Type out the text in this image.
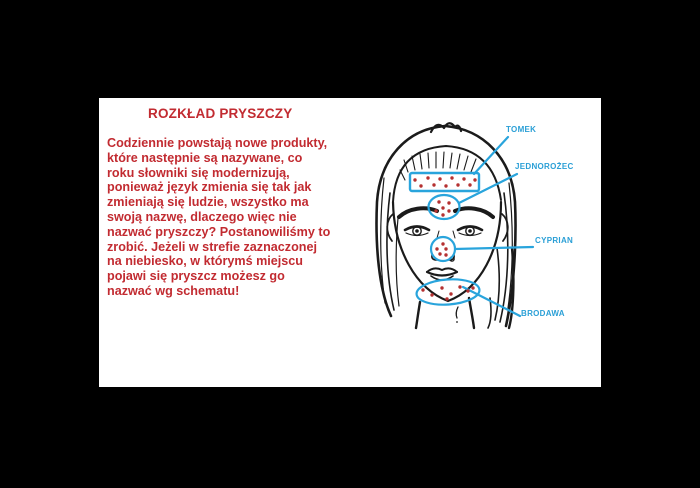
ROZKŁAD PRYSZCZY
Codziennie powstają nowe produkty,
które następnie są nazywane, co
roku słowniki się modernizują,
ponieważ język zmienia się tak jak
zmieniają się ludzie, wszystko ma
swoją nazwę, dlaczego więc nie
nazwać pryszczy? Postanowiliśmy to
zrobić. Jeżeli w strefie zaznaczonej
na niebiesko, w którymś miejscu
pojawi się pryszcz możesz go
nazwać wg schematu!
TOMEK
JEDNOROŻEC
CYPRIAN
BRODAWA
